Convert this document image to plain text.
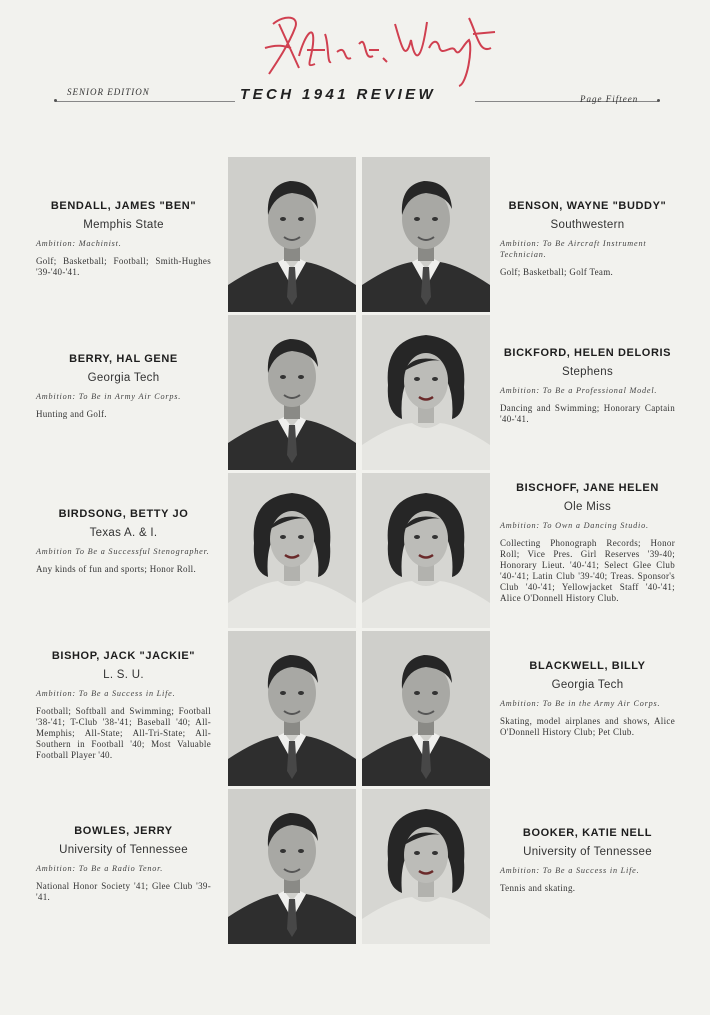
SENIOR EDITION	TECH 1941 REVIEW	Page Fifteen
BENDALL, JAMES "BEN"
Memphis State
Ambition: Machinist.
Golf; Basketball; Football; Smith-Hughes '39-'40-'41.
BENSON, WAYNE "BUDDY"
Southwestern
Ambition: To Be Aircraft Instrument Technician.
Golf; Basketball; Golf Team.
BERRY, HAL GENE
Georgia Tech
Ambition: To Be in Army Air Corps.
Hunting and Golf.
BICKFORD, HELEN DELORIS
Stephens
Ambition: To Be a Professional Model.
Dancing and Swimming; Honorary Captain '40-'41.
BIRDSONG, BETTY JO
Texas A. & I.
Ambition To Be a Successful Stenographer.
Any kinds of fun and sports; Honor Roll.
BISCHOFF, JANE HELEN
Ole Miss
Ambition: To Own a Dancing Studio.
Collecting Phonograph Records; Honor Roll; Vice Pres. Girl Reserves '39-40; Honorary Lieut. '40-'41; Select Glee Club '40-'41; Latin Club '39-'40; Treas. Sponsor's Club '40-'41; Yellowjacket Staff '40-'41; Alice O'Donnell History Club.
BISHOP, JACK "JACKIE"
L. S. U.
Ambition: To Be a Success in Life.
Football; Softball and Swimming; Football '38-'41; T-Club '38-'41; Baseball '40; All-Memphis; All-State; All-Tri-State; All-Southern in Football '40; Most Valuable Football Player '40.
BLACKWELL, BILLY
Georgia Tech
Ambition: To Be in the Army Air Corps.
Skating, model airplanes and shows, Alice O'Donnell History Club; Pet Club.
BOWLES, JERRY
University of Tennessee
Ambition: To Be a Radio Tenor.
National Honor Society '41; Glee Club '39-'41.
BOOKER, KATIE NELL
University of Tennessee
Ambition: To Be a Success in Life.
Tennis and skating.
